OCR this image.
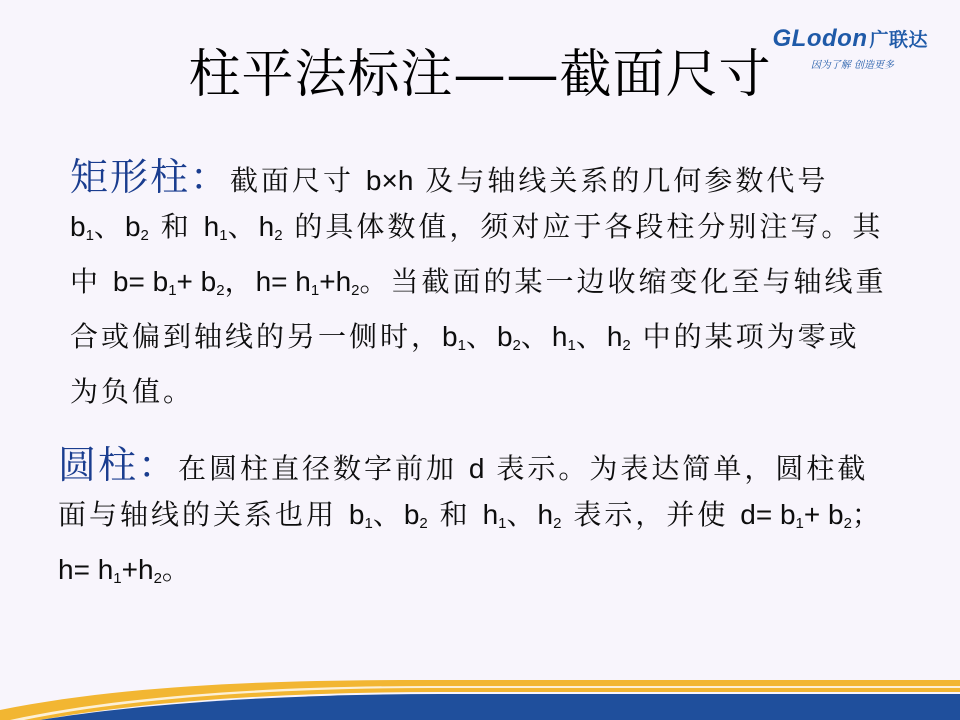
GLodon 广联达
因为了解 创造更多
柱平法标注——截面尺寸
矩形柱：截面尺寸 b×h 及与轴线关系的几何参数代号 $b_1$、$b_2$ 和 $h_1$、$h_2$ 的具体数值，须对应于各段柱分别注写。其中 $b= b_1+ b_2$，$h= h_1+h_2$。当截面的某一边收缩变化至与轴线重合或偏到轴线的另一侧时，$b_1$、$b_2$、$h_1$、$h_2$ 中的某项为零或为负值。
圆柱：在圆柱直径数字前加 d 表示。为表达简单，圆柱截面与轴线的关系也用 $b_1$、$b_2$ 和 $h_1$、$h_2$ 表示，并使 $d= b_1+ b_2$；$h= h_1+h_2$。
